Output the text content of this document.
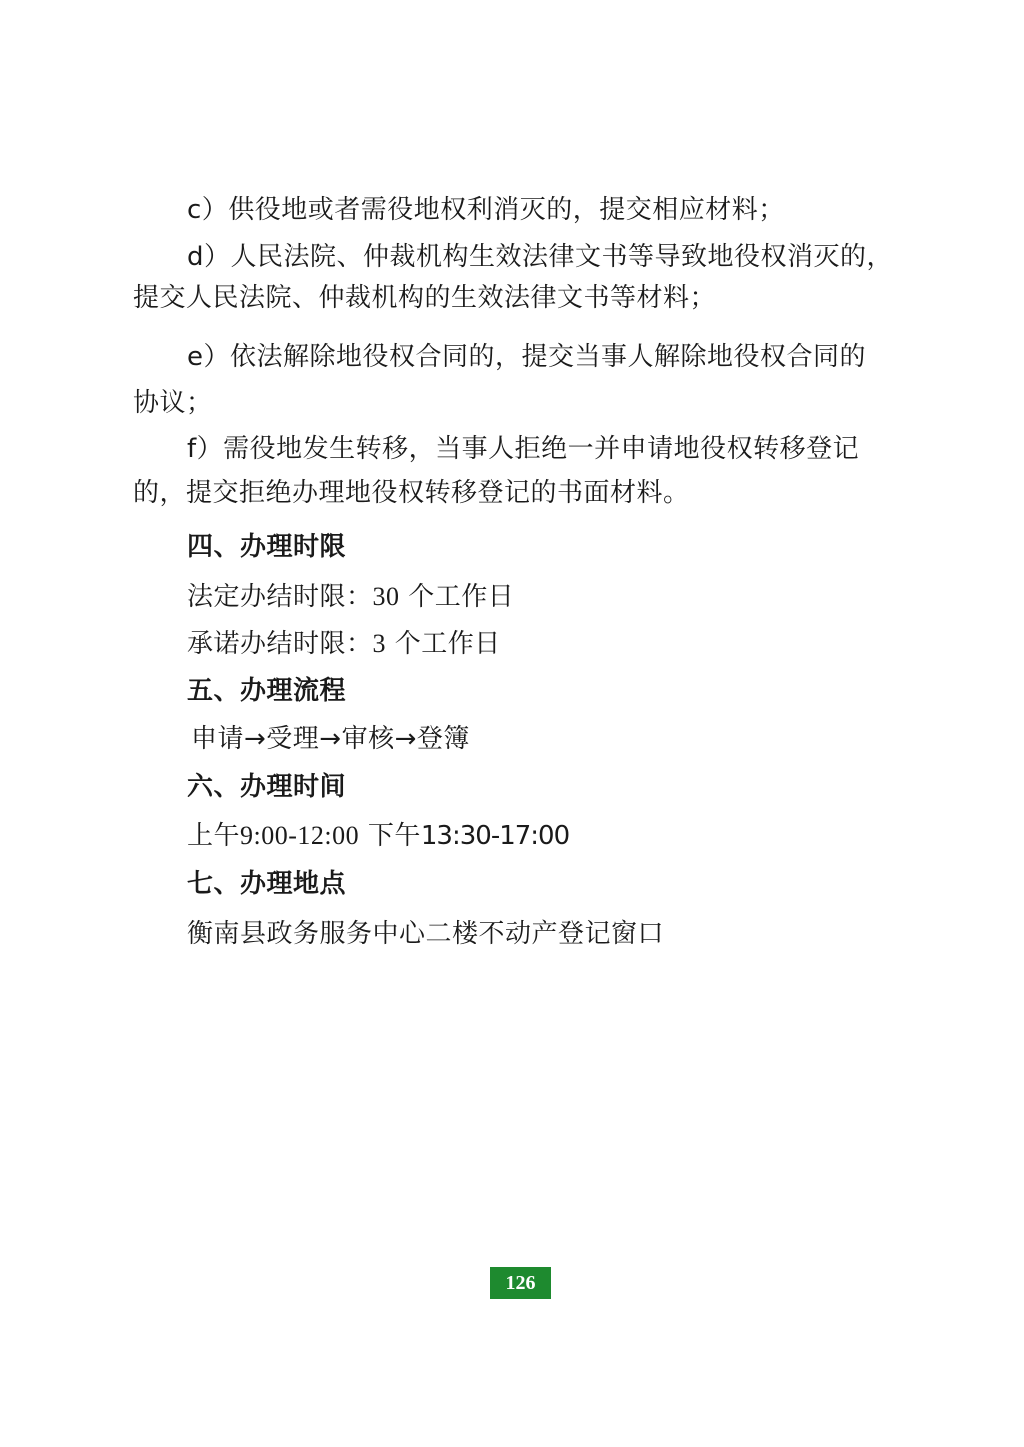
c）供役地或者需役地权利消灭的，提交相应材料；
d）人民法院、仲裁机构生效法律文书等导致地役权消灭的，
提交人民法院、仲裁机构的生效法律文书等材料；
e）依法解除地役权合同的，提交当事人解除地役权合同的
协议；
f）需役地发生转移，当事人拒绝一并申请地役权转移登记
的，提交拒绝办理地役权转移登记的书面材料。
四、办理时限
法定办结时限：30 个工作日
承诺办结时限：3 个工作日
五、办理流程
申请→受理→审核→登簿
六、办理时间
上午9:00-12:00 下午13:30-17:00
七、办理地点
衡南县政务服务中心二楼不动产登记窗口
126
